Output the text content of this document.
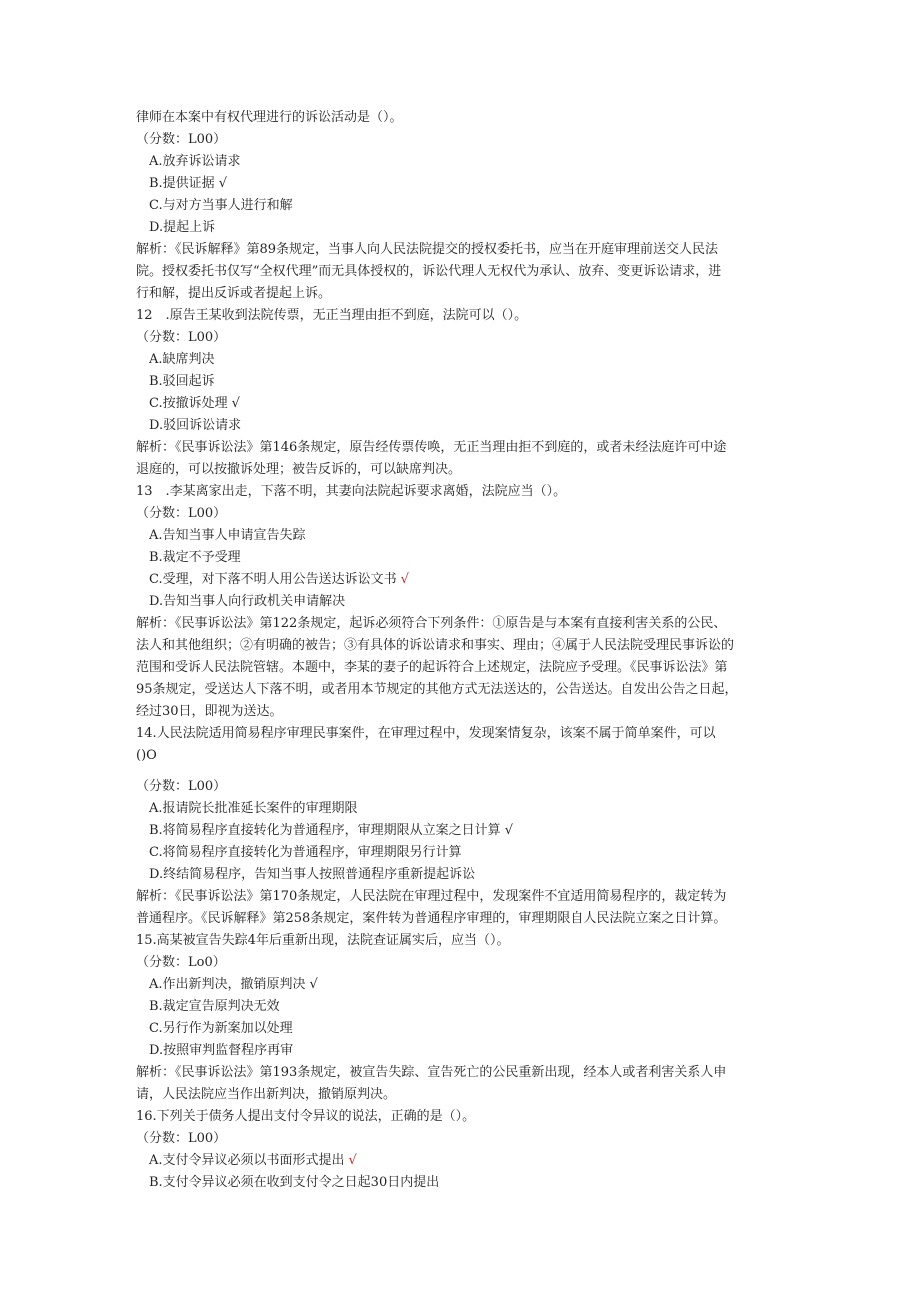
律师在本案中有权代理进行的诉讼活动是（）。
（分数：L00）
A.放弃诉讼请求
B.提供证据 √
C.与对方当事人进行和解
D.提起上诉
解析：《民诉解释》第89条规定，当事人向人民法院提交的授权委托书，应当在开庭审理前送交人民法
院。授权委托书仅写“全权代理”而无具体授权的，诉讼代理人无权代为承认、放弃、变更诉讼请求，进
行和解，提出反诉或者提起上诉。
12　.原告王某收到法院传票，无正当理由拒不到庭，法院可以（）。
（分数：L00）
A.缺席判决
B.驳回起诉
C.按撤诉处理 √
D.驳回诉讼请求
解析：《民事诉讼法》第146条规定，原告经传票传唤，无正当理由拒不到庭的，或者未经法庭许可中途
退庭的，可以按撤诉处理；被告反诉的，可以缺席判决。
13　.李某离家出走，下落不明，其妻向法院起诉要求离婚，法院应当（）。
（分数：L00）
A.告知当事人申请宣告失踪
B.裁定不予受理
C.受理，对下落不明人用公告送达诉讼文书 √
D.告知当事人向行政机关申请解决
解析：《民事诉讼法》第122条规定，起诉必须符合下列条件：①原告是与本案有直接利害关系的公民、
法人和其他组织；②有明确的被告；③有具体的诉讼请求和事实、理由；④属于人民法院受理民事诉讼的
范围和受诉人民法院管辖。本题中，李某的妻子的起诉符合上述规定，法院应予受理。《民事诉讼法》第
95条规定，受送达人下落不明，或者用本节规定的其他方式无法送达的，公告送达。自发出公告之日起，
经过30日，即视为送达。
14.人民法院适用简易程序审理民事案件，在审理过程中，发现案情复杂，该案不属于简单案件，可以
()O
（分数：L00）
A.报请院长批准延长案件的审理期限
B.将简易程序直接转化为普通程序，审理期限从立案之日计算 √
C.将简易程序直接转化为普通程序，审理期限另行计算
D.终结简易程序，告知当事人按照普通程序重新提起诉讼
解析：《民事诉讼法》第170条规定，人民法院在审理过程中，发现案件不宜适用简易程序的，裁定转为
普通程序。《民诉解释》第258条规定，案件转为普通程序审理的，审理期限自人民法院立案之日计算。
15.高某被宣告失踪4年后重新出现，法院查证属实后，应当（）。
（分数：Lo0）
A.作出新判决，撤销原判决 √
B.裁定宣告原判决无效
C.另行作为新案加以处理
D.按照审判监督程序再审
解析：《民事诉讼法》第193条规定，被宣告失踪、宣告死亡的公民重新出现，经本人或者利害关系人申
请，人民法院应当作出新判决，撤销原判决。
16.下列关于债务人提出支付令异议的说法，正确的是（）。
（分数：L00）
A.支付令异议必须以书面形式提出 √
B.支付令异议必须在收到支付令之日起30日内提出
